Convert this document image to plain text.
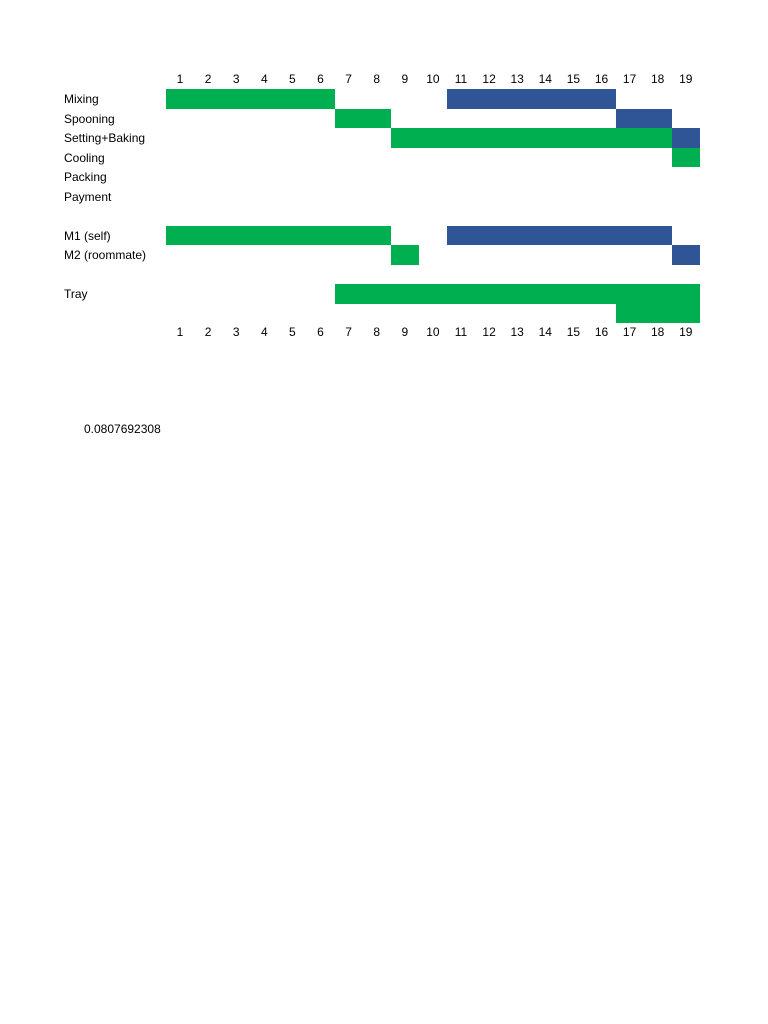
1	2	3	4	5	6	7	8	9	10	11	12	13	14	15	16	17	18	19
Mixing
Spooning
Setting+Baking
Cooling
Packing
Payment
M1 (self)
M2 (roommate)
Tray
1	2	3	4	5	6	7	8	9	10	11	12	13	14	15	16	17	18	19
0.0807692308
